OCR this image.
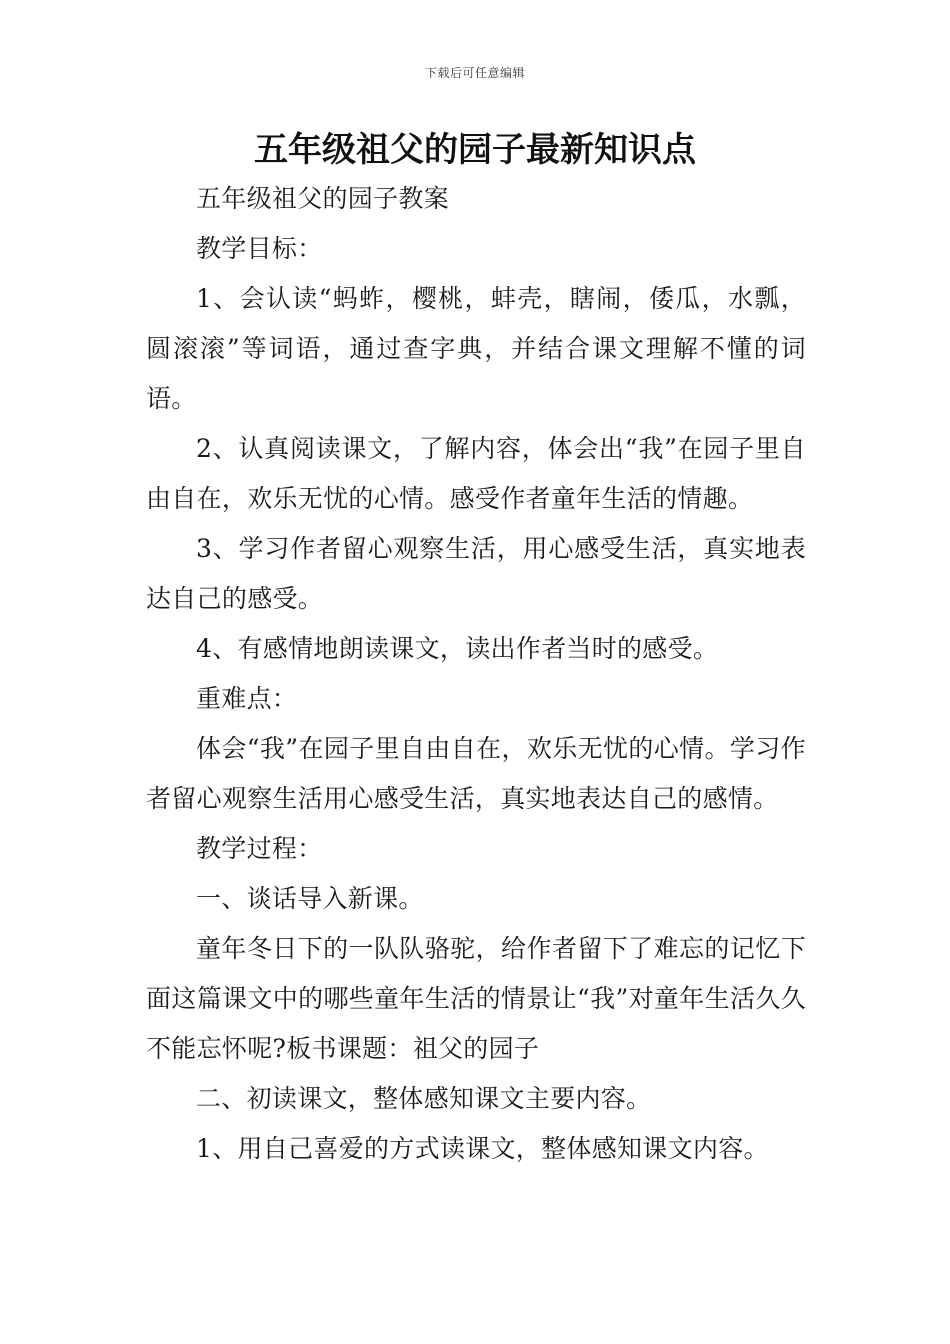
下载后可任意编辑
五年级祖父的园子最新知识点

五年级祖父的园子教案

教学目标：

1、会认读“蚂蚱，樱桃，蚌壳，瞎闹，倭瓜，水瓢，圆滚滚”等词语，通过查字典，并结合课文理解不懂的词语。

2、认真阅读课文，了解内容，体会出“我”在园子里自由自在，欢乐无忧的心情。感受作者童年生活的情趣。

3、学习作者留心观察生活，用心感受生活，真实地表达自己的感受。

4、有感情地朗读课文，读出作者当时的感受。

重难点：

体会“我”在园子里自由自在，欢乐无忧的心情。学习作者留心观察生活用心感受生活，真实地表达自己的感情。

教学过程：

一、谈话导入新课。

童年冬日下的一队队骆驼，给作者留下了难忘的记忆下面这篇课文中的哪些童年生活的情景让“我”对童年生活久久不能忘怀呢?板书课题：祖父的园子

二、初读课文，整体感知课文主要内容。

1、用自己喜爱的方式读课文，整体感知课文内容。
